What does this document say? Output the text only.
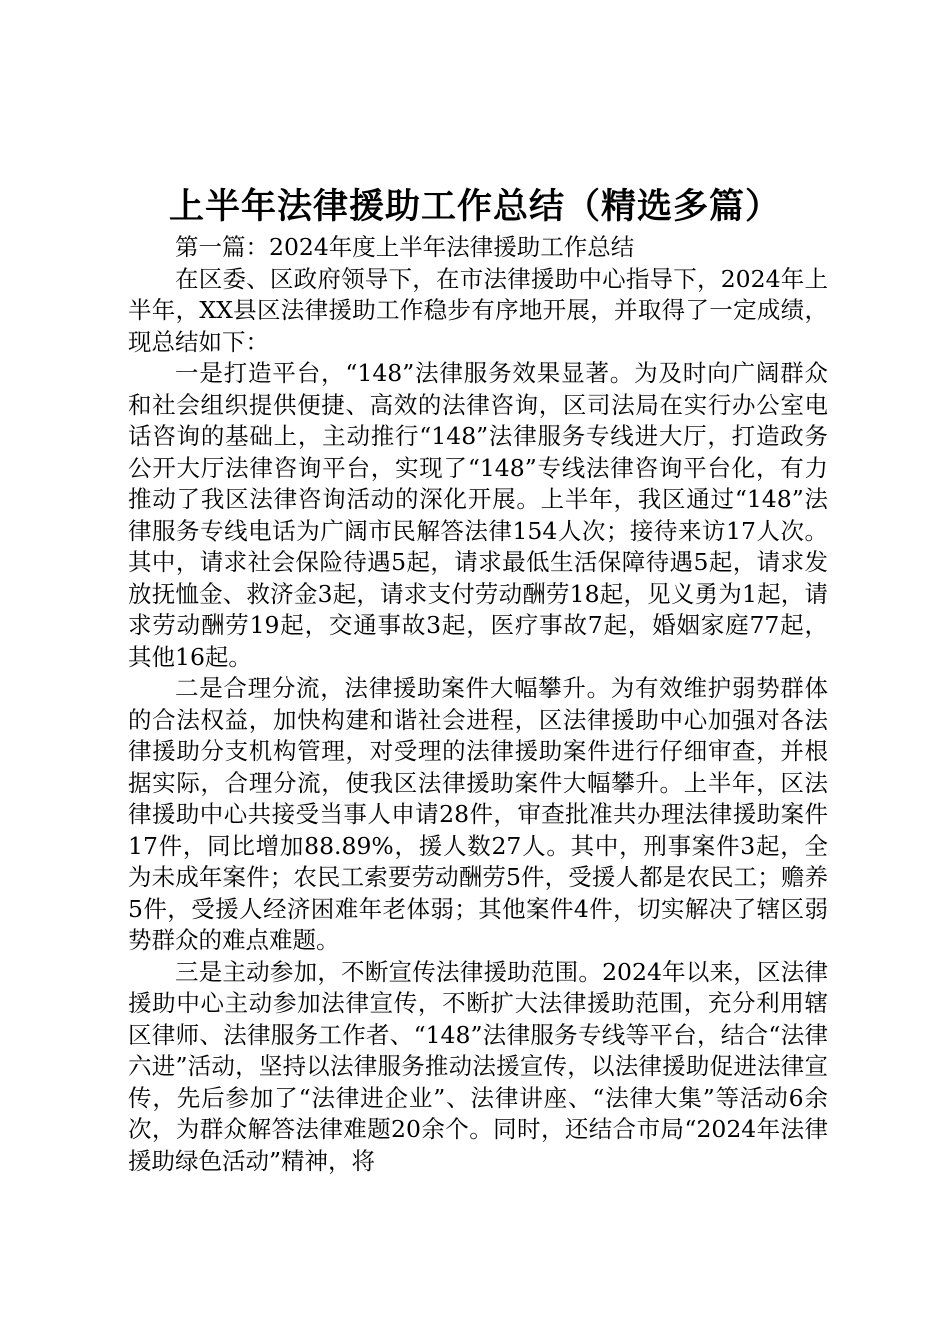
上半年法律援助工作总结（精选多篇）

第一篇：2024年度上半年法律援助工作总结

在区委、区政府领导下，在市法律援助中心指导下，2024年上半年，XX县区法律援助工作稳步有序地开展，并取得了一定成绩，现总结如下：

一是打造平台，“148”法律服务效果显著。为及时向广阔群众和社会组织提供便捷、高效的法律咨询，区司法局在实行办公室电话咨询的基础上，主动推行“148”法律服务专线进大厅，打造政务公开大厅法律咨询平台，实现了“148”专线法律咨询平台化，有力推动了我区法律咨询活动的深化开展。上半年，我区通过“148”法律服务专线电话为广阔市民解答法律154人次；接待来访17人次。其中，请求社会保险待遇5起，请求最低生活保障待遇5起，请求发放抚恤金、救济金3起，请求支付劳动酬劳18起，见义勇为1起，请求劳动酬劳19起，交通事故3起，医疗事故7起，婚姻家庭77起，其他16起。

二是合理分流，法律援助案件大幅攀升。为有效维护弱势群体的合法权益，加快构建和谐社会进程，区法律援助中心加强对各法律援助分支机构管理，对受理的法律援助案件进行仔细审查，并根据实际，合理分流，使我区法律援助案件大幅攀升。上半年，区法律援助中心共接受当事人申请28件，审查批准共办理法律援助案件17件，同比增加88.89%，援人数27人。其中，刑事案件3起，全为未成年案件；农民工索要劳动酬劳5件，受援人都是农民工；赡养5件，受援人经济困难年老体弱；其他案件4件，切实解决了辖区弱势群众的难点难题。

三是主动参加，不断宣传法律援助范围。2024年以来，区法律援助中心主动参加法律宣传，不断扩大法律援助范围，充分利用辖区律师、法律服务工作者、“148”法律服务专线等平台，结合“法律六进”活动，坚持以法律服务推动法援宣传，以法律援助促进法律宣传，先后参加了“法律进企业”、法律讲座、“法律大集”等活动6余次，为群众解答法律难题20余个。同时，还结合市局“2024年法律援助绿色活动”精神，将
